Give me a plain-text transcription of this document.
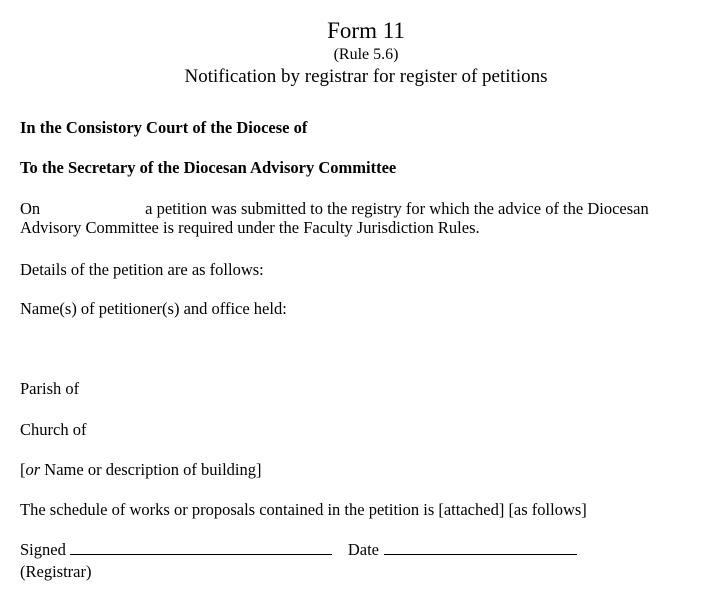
Form 11
(Rule 5.6)
Notification by registrar for register of petitions
In the Consistory Court of the Diocese of
To the Secretary of the Diocesan Advisory Committee
On	a petition was submitted to the registry for which the advice of the Diocesan
Advisory Committee is required under the Faculty Jurisdiction Rules.
Details of the petition are as follows:
Name(s) of petitioner(s) and office held:
Parish of
Church of
[or Name or description of building]
The schedule of works or proposals contained in the petition is [attached] [as follows]
Signed	Date
(Registrar)
